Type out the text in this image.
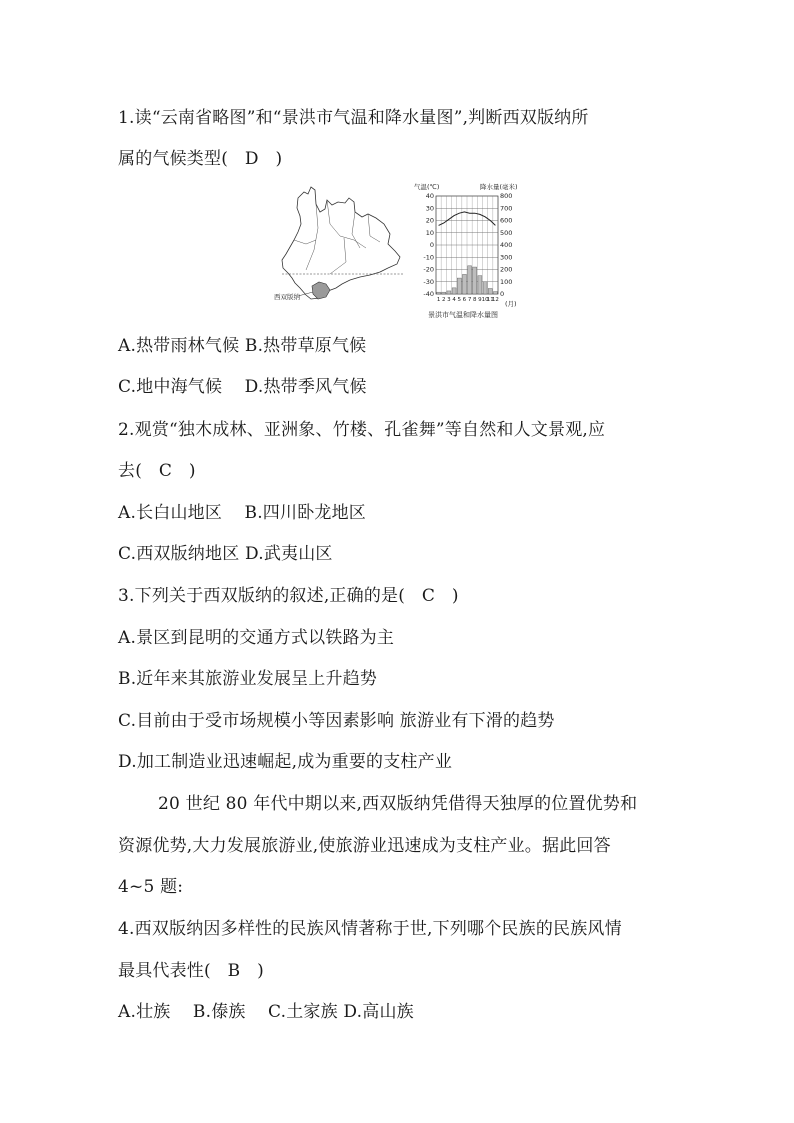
1.读“云南省略图”和“景洪市气温和降水量图”,判断西双版纳所
属的气候类型(   D   )
西双版纳
气温(℃)	降水量(毫米)
40
30
20
10
0
-10
-20
-30
-40
800
700
600
500
400
300
200
100
0
1 2 3 4 5 6 7 8 9 10
11
12 (月)
景洪市气温和降水量图
A.热带雨林气候 B.热带草原气候
C.地中海气候    D.热带季风气候
2.观赏“独木成林、亚洲象、竹楼、孔雀舞”等自然和人文景观,应
去(   C   )
A.长白山地区    B.四川卧龙地区
C.西双版纳地区 D.武夷山区
3.下列关于西双版纳的叙述,正确的是(   C   )
A.景区到昆明的交通方式以铁路为主
B.近年来其旅游业发展呈上升趋势
C.目前由于受市场规模小等因素影响 旅游业有下滑的趋势
D.加工制造业迅速崛起,成为重要的支柱产业
20 世纪 80 年代中期以来,西双版纳凭借得天独厚的位置优势和
资源优势,大力发展旅游业,使旅游业迅速成为支柱产业。据此回答
4~5 题:
4.西双版纳因多样性的民族风情著称于世,下列哪个民族的民族风情
最具代表性(   B   )
A.壮族    B.傣族    C.土家族 D.高山族
